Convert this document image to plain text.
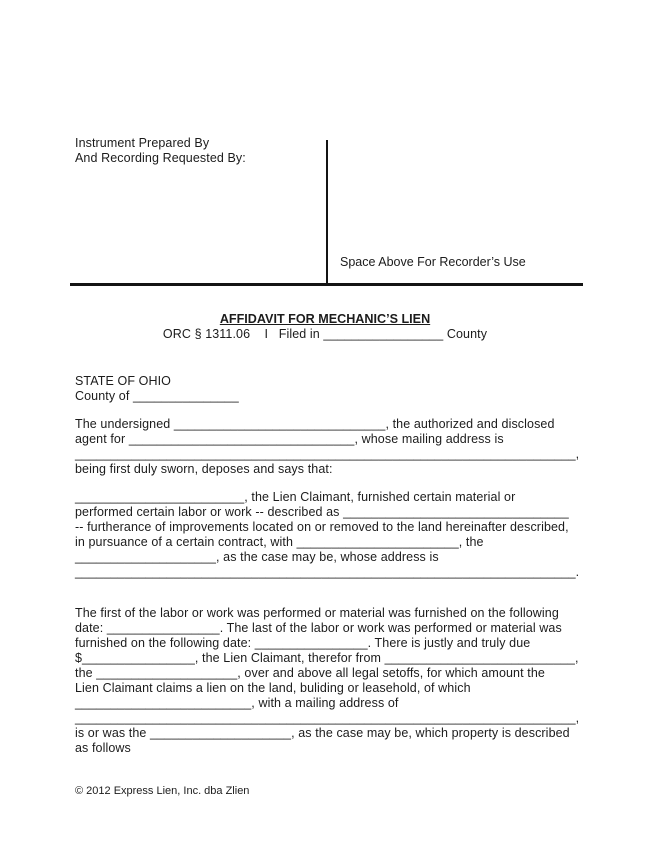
Instrument Prepared By
And Recording Requested By:
Space Above For Recorder’s Use
AFFIDAVIT FOR MECHANIC’S LIEN
ORC § 1311.06    I   Filed in _________________ County
STATE OF OHIO
County of _______________
The undersigned ______________________________, the authorized and disclosed
agent for ________________________________, whose mailing address is
_______________________________________________________________________,
being first duly sworn, deposes and says that:
________________________, the Lien Claimant, furnished certain material or
performed certain labor or work -- described as ________________________________
-- furtherance of improvements located on or removed to the land hereinafter described,
in pursuance of a certain contract, with _______________________, the
____________________, as the case may be, whose address is
_______________________________________________________________________.
The first of the labor or work was performed or material was furnished on the following
date: ________________. The last of the labor or work was performed or material was
furnished on the following date: ________________. There is justly and truly due
$________________, the Lien Claimant, therefor from ___________________________,
the ____________________, over and above all legal setoffs, for which amount the
Lien Claimant claims a lien on the land, buliding or leasehold, of which
_________________________, with a mailing address of
_______________________________________________________________________,
is or was the ____________________, as the case may be, which property is described
as follows
© 2012 Express Lien, Inc. dba Zlien
